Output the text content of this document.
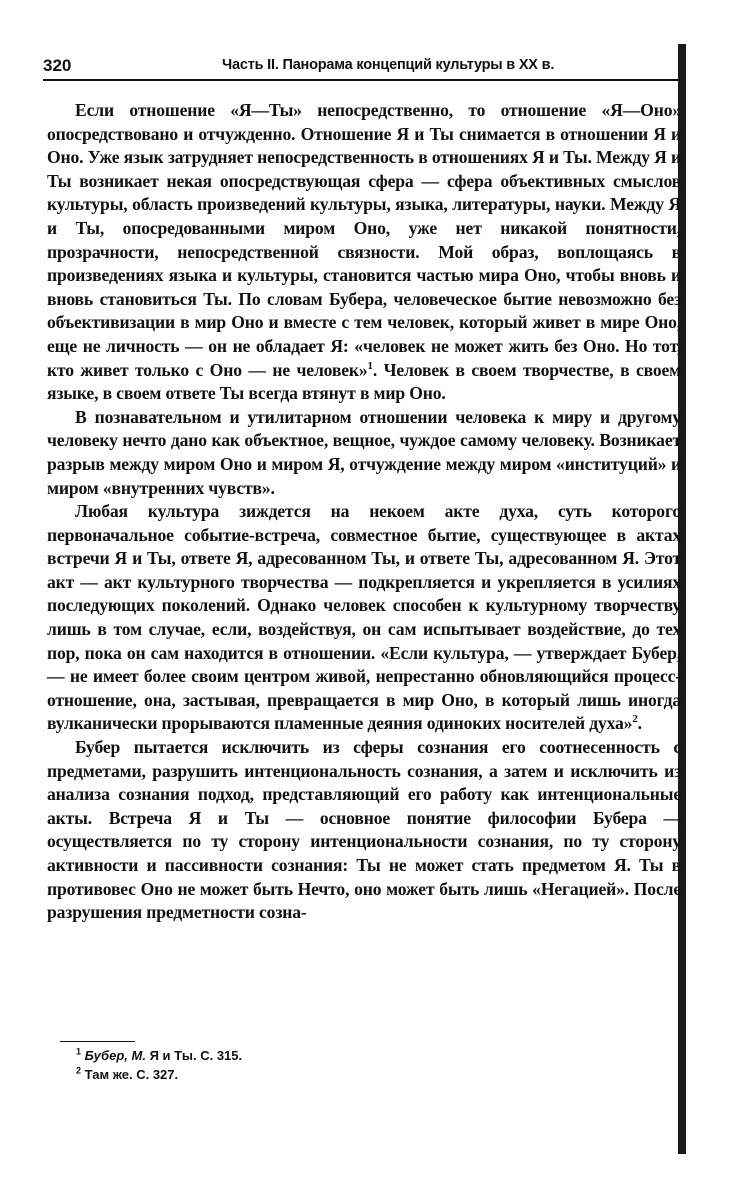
320	Часть II. Панорама концепций культуры в XX в.

Если отношение «Я—Ты» непосредственно, то отношение «Я—Оно» опосредствовано и отчужденно. Отношение Я и Ты снимается в отношении Я и Оно. Уже язык затрудняет непосредственность в отношениях Я и Ты. Между Я и Ты возникает некая опосредствующая сфера — сфера объективных смыслов культуры, область произведений культуры, языка, литературы, науки. Между Я и Ты, опосредованными миром Оно, уже нет никакой понятности, прозрачности, непосредственной связности. Мой образ, воплощаясь в произведениях языка и культуры, становится частью мира Оно, чтобы вновь и вновь становиться Ты. По словам Бубера, человеческое бытие невозможно без объективизации в мир Оно и вместе с тем человек, который живет в мире Оно, еще не личность — он не обладает Я: «человек не может жить без Оно. Но тот, кто живет только с Оно — не человек»$^1$. Человек в своем творчестве, в своем языке, в своем ответе Ты всегда втянут в мир Оно.

В познавательном и утилитарном отношении человека к миру и другому человеку нечто дано как объектное, вещное, чуждое самому человеку. Возникает разрыв между миром Оно и миром Я, отчуждение между миром «институций» и миром «внутренних чувств».

Любая культура зиждется на некоем акте духа, суть которого первоначальное событие-встреча, совместное бытие, существующее в актах встречи Я и Ты, ответе Я, адресованном Ты, и ответе Ты, адресованном Я. Этот акт — акт культурного творчества — подкрепляется и укрепляется в усилиях последующих поколений. Однако человек способен к культурному творчеству лишь в том случае, если, воздействуя, он сам испытывает воздействие, до тех пор, пока он сам находится в отношении. «Если культура, — утверждает Бубер, — не имеет более своим центром живой, непрестанно обновляющийся процесс-отношение, она, застывая, превращается в мир Оно, в который лишь иногда вулканически прорываются пламенные деяния одиноких носителей духа»$^2$.

Бубер пытается исключить из сферы сознания его соотнесенность с предметами, разрушить интенциональность сознания, а затем и исключить из анализа сознания подход, представляющий его работу как интенциональные акты. Встреча Я и Ты — основное понятие философии Бубера — осуществляется по ту сторону интенциональности сознания, по ту сторону активности и пассивности сознания: Ты не может стать предметом Я. Ты в противовес Оно не может быть Нечто, оно может быть лишь «Негацией». После разрушения предметности созна-

$^1$ Бубер, М. Я и Ты. С. 315.
$^2$ Там же. С. 327.
